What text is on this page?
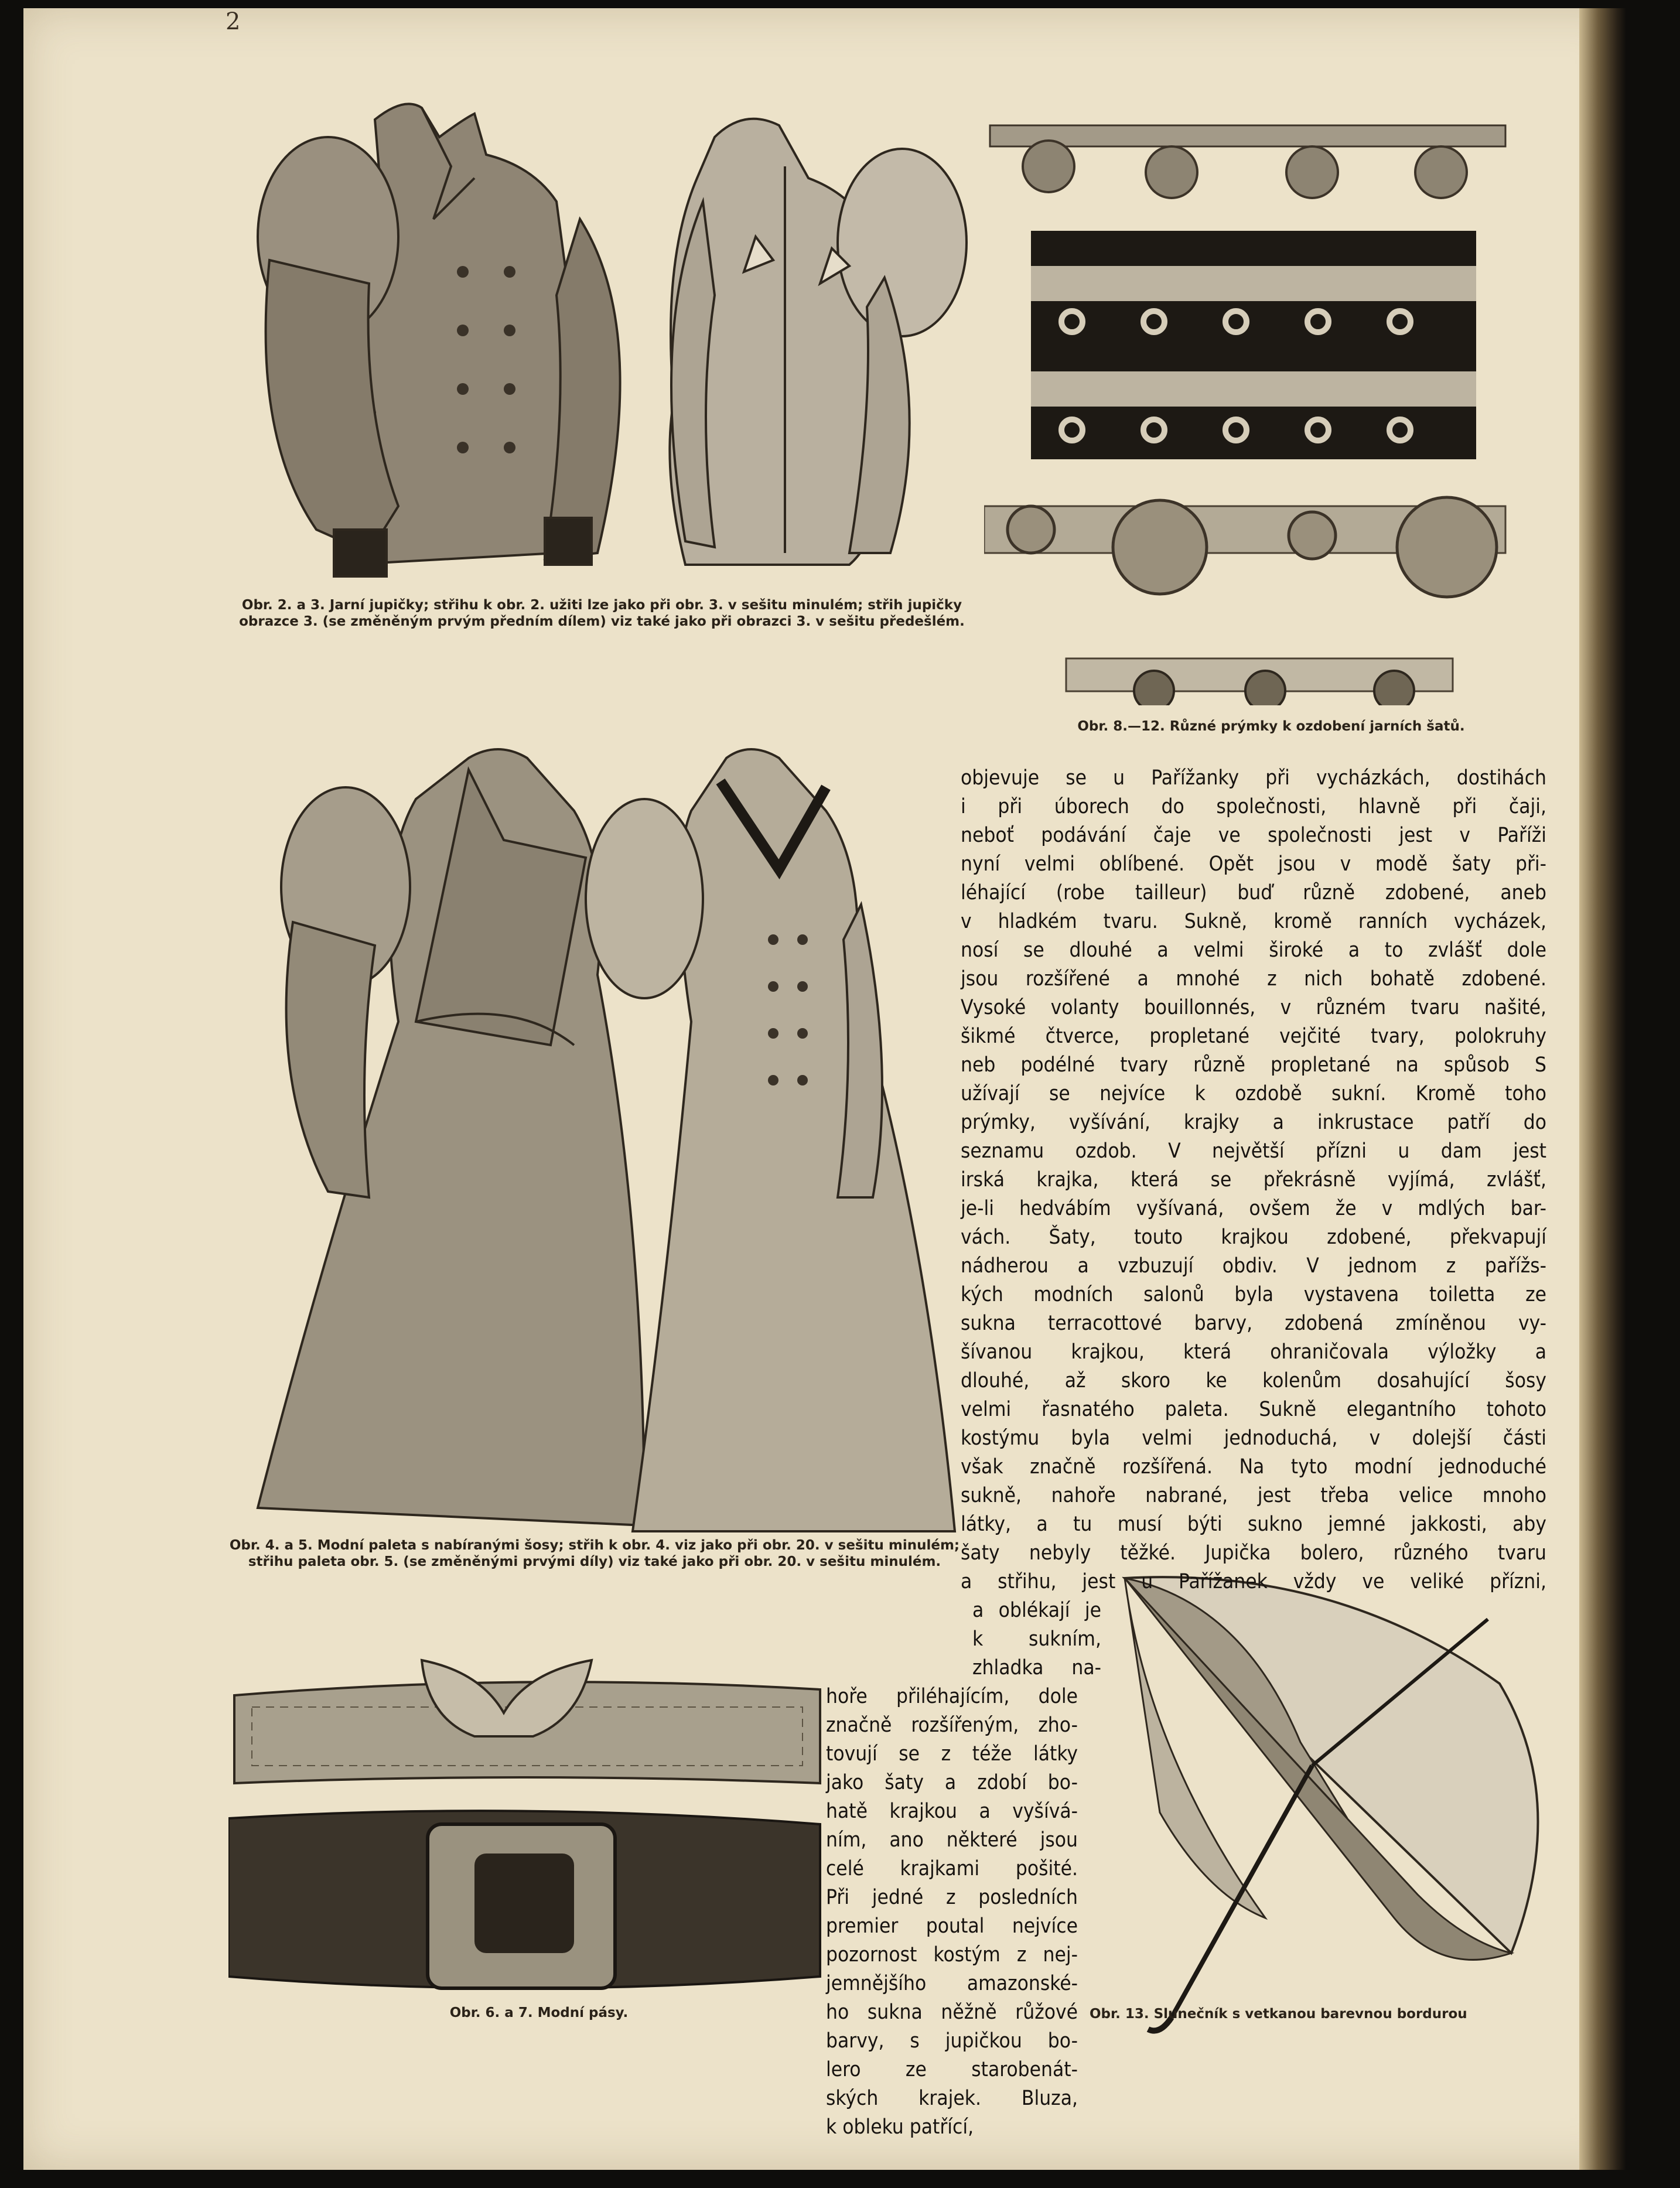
2
Obr. 2. a 3. Jarní jupičky; střihu k obr. 2. užiti lze jako při obr. 3. v sešitu minulém; střih jupičky obrazce 3. (se změněným prvým předním dílem) viz také jako při obrazci 3. v sešitu předešlém.
Obr. 8.—12. Různé prýmky k ozdobení jarních šatů.
Obr. 4. a 5. Modní paleta s nabíranými šosy; střih k obr. 4. viz jako při obr. 20. v sešitu minulém; střihu paleta obr. 5. (se změněnými prvými díly) viz také jako při obr. 20. v sešitu minulém.
Obr. 6. a 7. Modní pásy.	Obr. 13. Slunečník s vetkanou barevnou bordurou
objevuje se u Pařížanky při vycházkách, dostihách
i při úborech do společnosti, hlavně při čaji,
neboť podávání čaje ve společnosti jest v Paříži
nyní velmi oblíbené. Opět jsou v modě šaty při-
léhající (robe tailleur) buď různě zdobené, aneb
v hladkém tvaru. Sukně, kromě ranních vycházek,
nosí se dlouhé a velmi široké a to zvlášť dole
jsou rozšířené a mnohé z nich bohatě zdobené.
Vysoké volanty bouillonnés, v různém tvaru našité,
šikmé čtverce, propletané vejčité tvary, polokruhy
neb podélné tvary různě propletané na spůsob S
užívají se nejvíce k ozdobě sukní. Kromě toho
prýmky, vyšívání, krajky a inkrustace patří do
seznamu ozdob. V největší přízni u dam jest
irská krajka, která se překrásně vyjímá, zvlášť,
je-li hedvábím vyšívaná, ovšem že v mdlých bar-
vách. Šaty, touto krajkou zdobené, překvapují
nádherou a vzbuzují obdiv. V jednom z pařížs-
kých modních salonů byla vystavena toiletta ze
sukna terracottové barvy, zdobená zmíněnou vy-
šívanou krajkou, která ohraničovala výložky a
dlouhé, až skoro ke kolenům dosahující šosy
velmi řasnatého paleta. Sukně elegantního tohoto
kostýmu byla velmi jednoduchá, v dolejší části
však značně rozšířená. Na tyto modní jednoduché
sukně, nahoře nabrané, jest třeba velice mnoho
látky, a tu musí býti sukno jemné jakkosti, aby
šaty nebyly těžké. Jupička bolero, různého tvaru
a střihu, jest u Pařížanek vždy ve veliké přízni,
a oblékají je
k sukním,
zhladka na-
hoře přiléhajícím, dole
značně rozšířeným, zho-
tovují se z téže látky
jako šaty a zdobí bo-
hatě krajkou a vyšívá-
ním, ano některé jsou
celé krajkami pošité.
Při jedné z posledních
premier poutal nejvíce
pozornost kostým z nej-
jemnějšího amazonské-
ho sukna něžně růžové
barvy, s jupičkou bo-
lero ze starobenát-
ských krajek. Bluza,
k obleku patřící,
